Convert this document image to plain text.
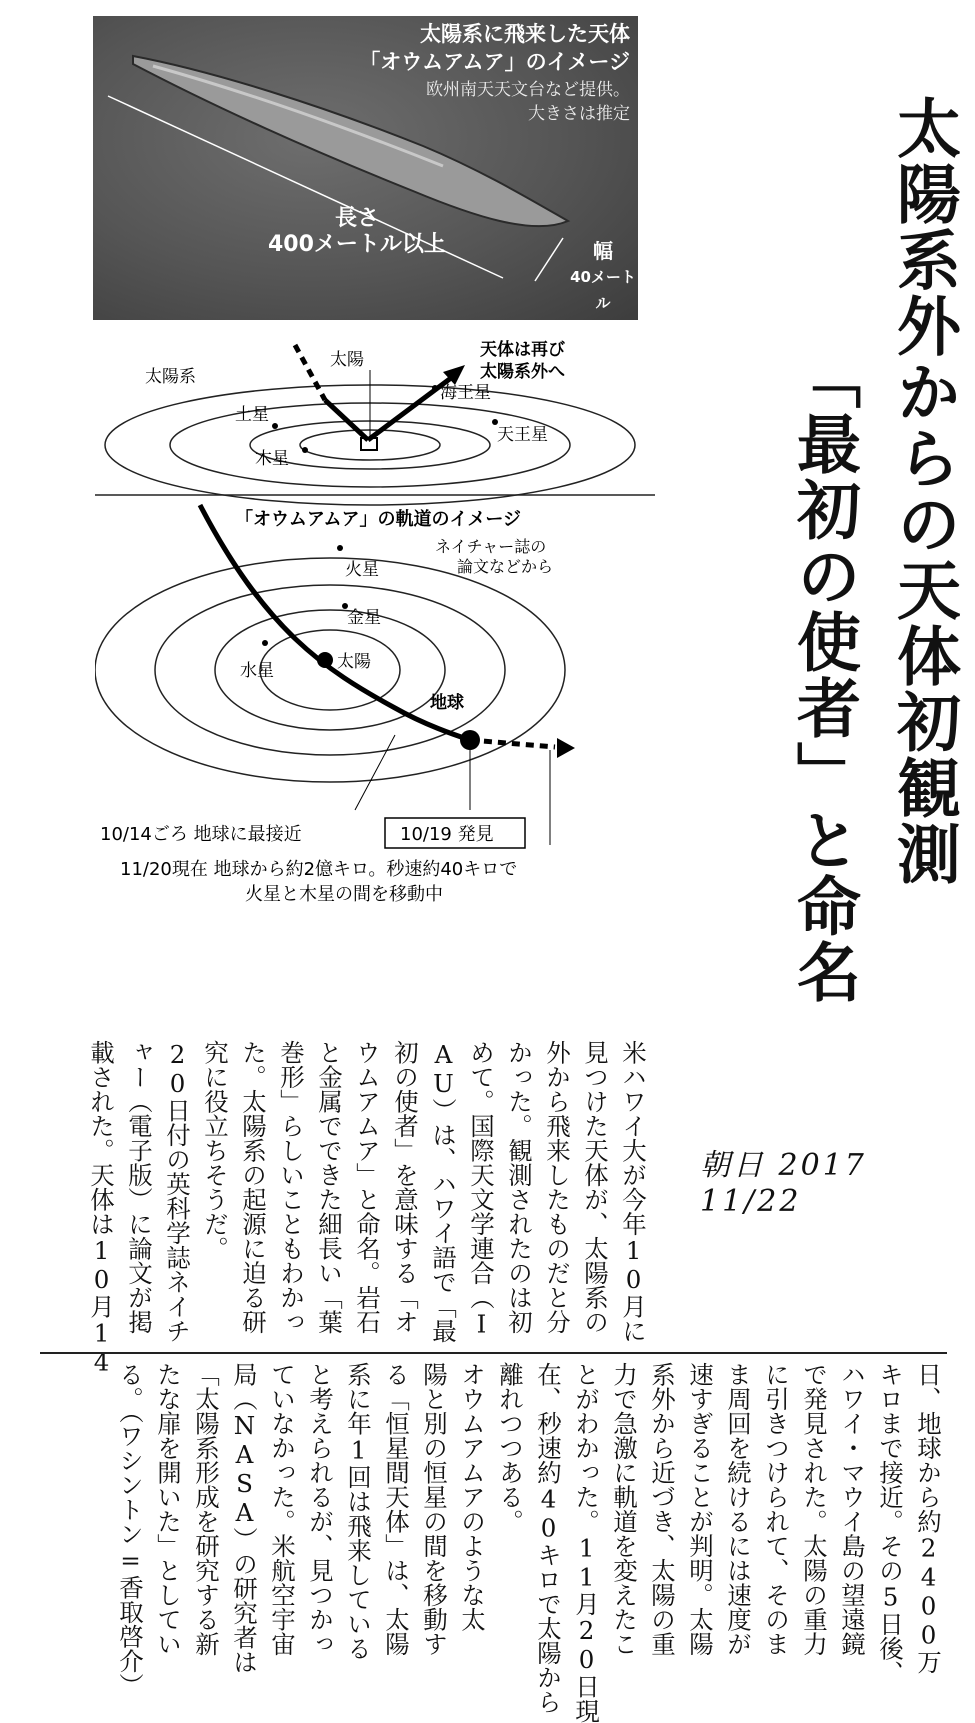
太陽系に飛来した天体
「オウムアムア」のイメージ
欧州南天天文台など提供。
大きさは推定
長さ
400メートル以上	幅
40メートル	太陽系外からの天体初観測
「最初の使者」と命名
太陽
太陽系
天体は再び
太陽系外へ
海王星
天王星
土星
木星
「オウムアムア」の軌道のイメージ
ネイチャー誌の
論文などから
太陽
火星
金星
水星
地球
10/14ごろ 地球に最接近	10/19 発見
11/20現在 地球から約2億キロ。秒速約40キロで
火星と木星の間を移動中
米ハワイ大が今年10月に
見つけた天体が、太陽系の
外から飛来したものだと分
かった。観測されたのは初
めて。国際天文学連合（I
AU）は、ハワイ語で「最
初の使者」を意味する「オ
ウムアムア」と命名。岩石
と金属でできた細長い「葉
巻形」らしいこともわかっ
た。太陽系の起源に迫る研
究に役立ちそうだ。
20日付の英科学誌ネイチ
ャー（電子版）に論文が掲
載された。天体は10月14
日、地球から約2400万
キロまで接近。その5日後、
ハワイ・マウイ島の望遠鏡
で発見された。太陽の重力
に引きつけられて、そのま
ま周回を続けるには速度が
速すぎることが判明。太陽
系外から近づき、太陽の重
力で急激に軌道を変えたこ
とがわかった。11月20日現
在、秒速約40キロで太陽から
離れつつある。
オウムアムアのような太
陽と別の恒星の間を移動す
る「恒星間天体」は、太陽
系に年1回は飛来している
と考えられるが、見つかっ
ていなかった。米航空宇宙
局（NASA）の研究者は
「太陽系形成を研究する新
たな扉を開いた」としてい
る。（ワシントン=香取啓介）
朝日 2017 11/22
